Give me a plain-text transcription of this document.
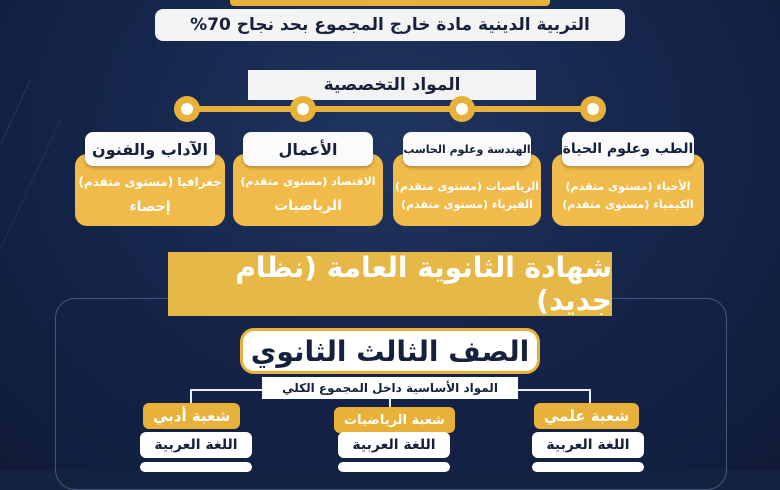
التربية الدينية مادة خارج المجموع بحد نجاح 70%
المواد التخصصية
الطب وعلوم الحياة
الأحياء (مستوى متقدم)
الكيمياء (مستوى متقدم)
الهندسة وعلوم الحاسب
الرياضيات (مستوى متقدم)
الفيزياء (مستوى متقدم)
الأعمال
الاقتصاد (مستوى متقدم)
الرياضيات
الآداب والفنون
جغرافيا (مستوى متقدم)
إحصاء
شهادة الثانوية العامة (نظام جديد)
الصف الثالث الثانوي
المواد الأساسية داخل المجموع الكلي
شعبة علمي
اللغة العربية
شعبة الرياضيات
اللغة العربية
شعبة أدبي
اللغة العربية
